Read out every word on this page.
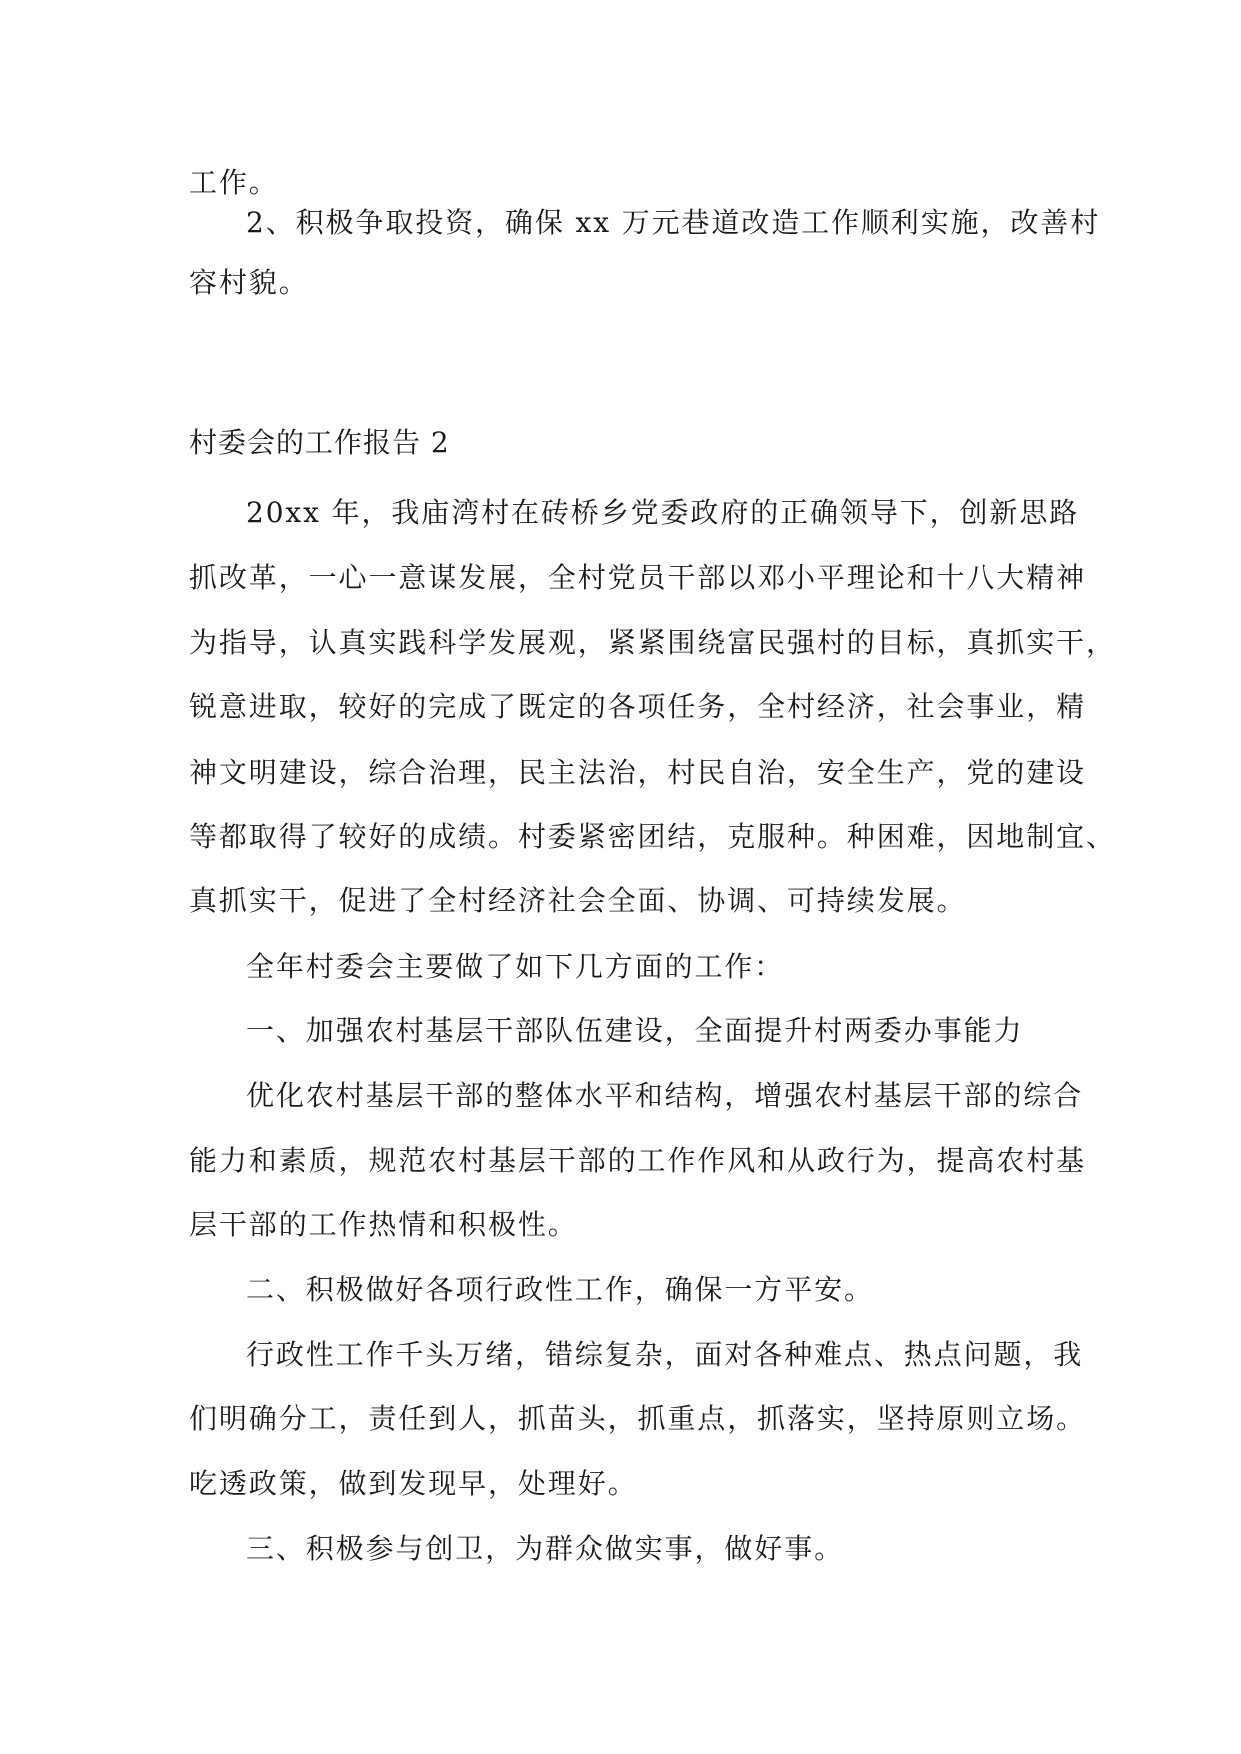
工作。
2、积极争取投资，确保 xx 万元巷道改造工作顺利实施，改善村
容村貌。
村委会的工作报告 2
20xx 年，我庙湾村在砖桥乡党委政府的正确领导下，创新思路
抓改革，一心一意谋发展，全村党员干部以邓小平理论和十八大精神
为指导，认真实践科学发展观，紧紧围绕富民强村的目标，真抓实干，
锐意进取，较好的完成了既定的各项任务，全村经济，社会事业，精
神文明建设，综合治理，民主法治，村民自治，安全生产，党的建设
等都取得了较好的成绩。村委紧密团结，克服种。种困难，因地制宜、
真抓实干，促进了全村经济社会全面、协调、可持续发展。
全年村委会主要做了如下几方面的工作：
一、加强农村基层干部队伍建设，全面提升村两委办事能力
优化农村基层干部的整体水平和结构，增强农村基层干部的综合
能力和素质，规范农村基层干部的工作作风和从政行为，提高农村基
层干部的工作热情和积极性。
二、积极做好各项行政性工作，确保一方平安。
行政性工作千头万绪，错综复杂，面对各种难点、热点问题，我
们明确分工，责任到人，抓苗头，抓重点，抓落实，坚持原则立场。
吃透政策，做到发现早，处理好。
三、积极参与创卫，为群众做实事，做好事。
